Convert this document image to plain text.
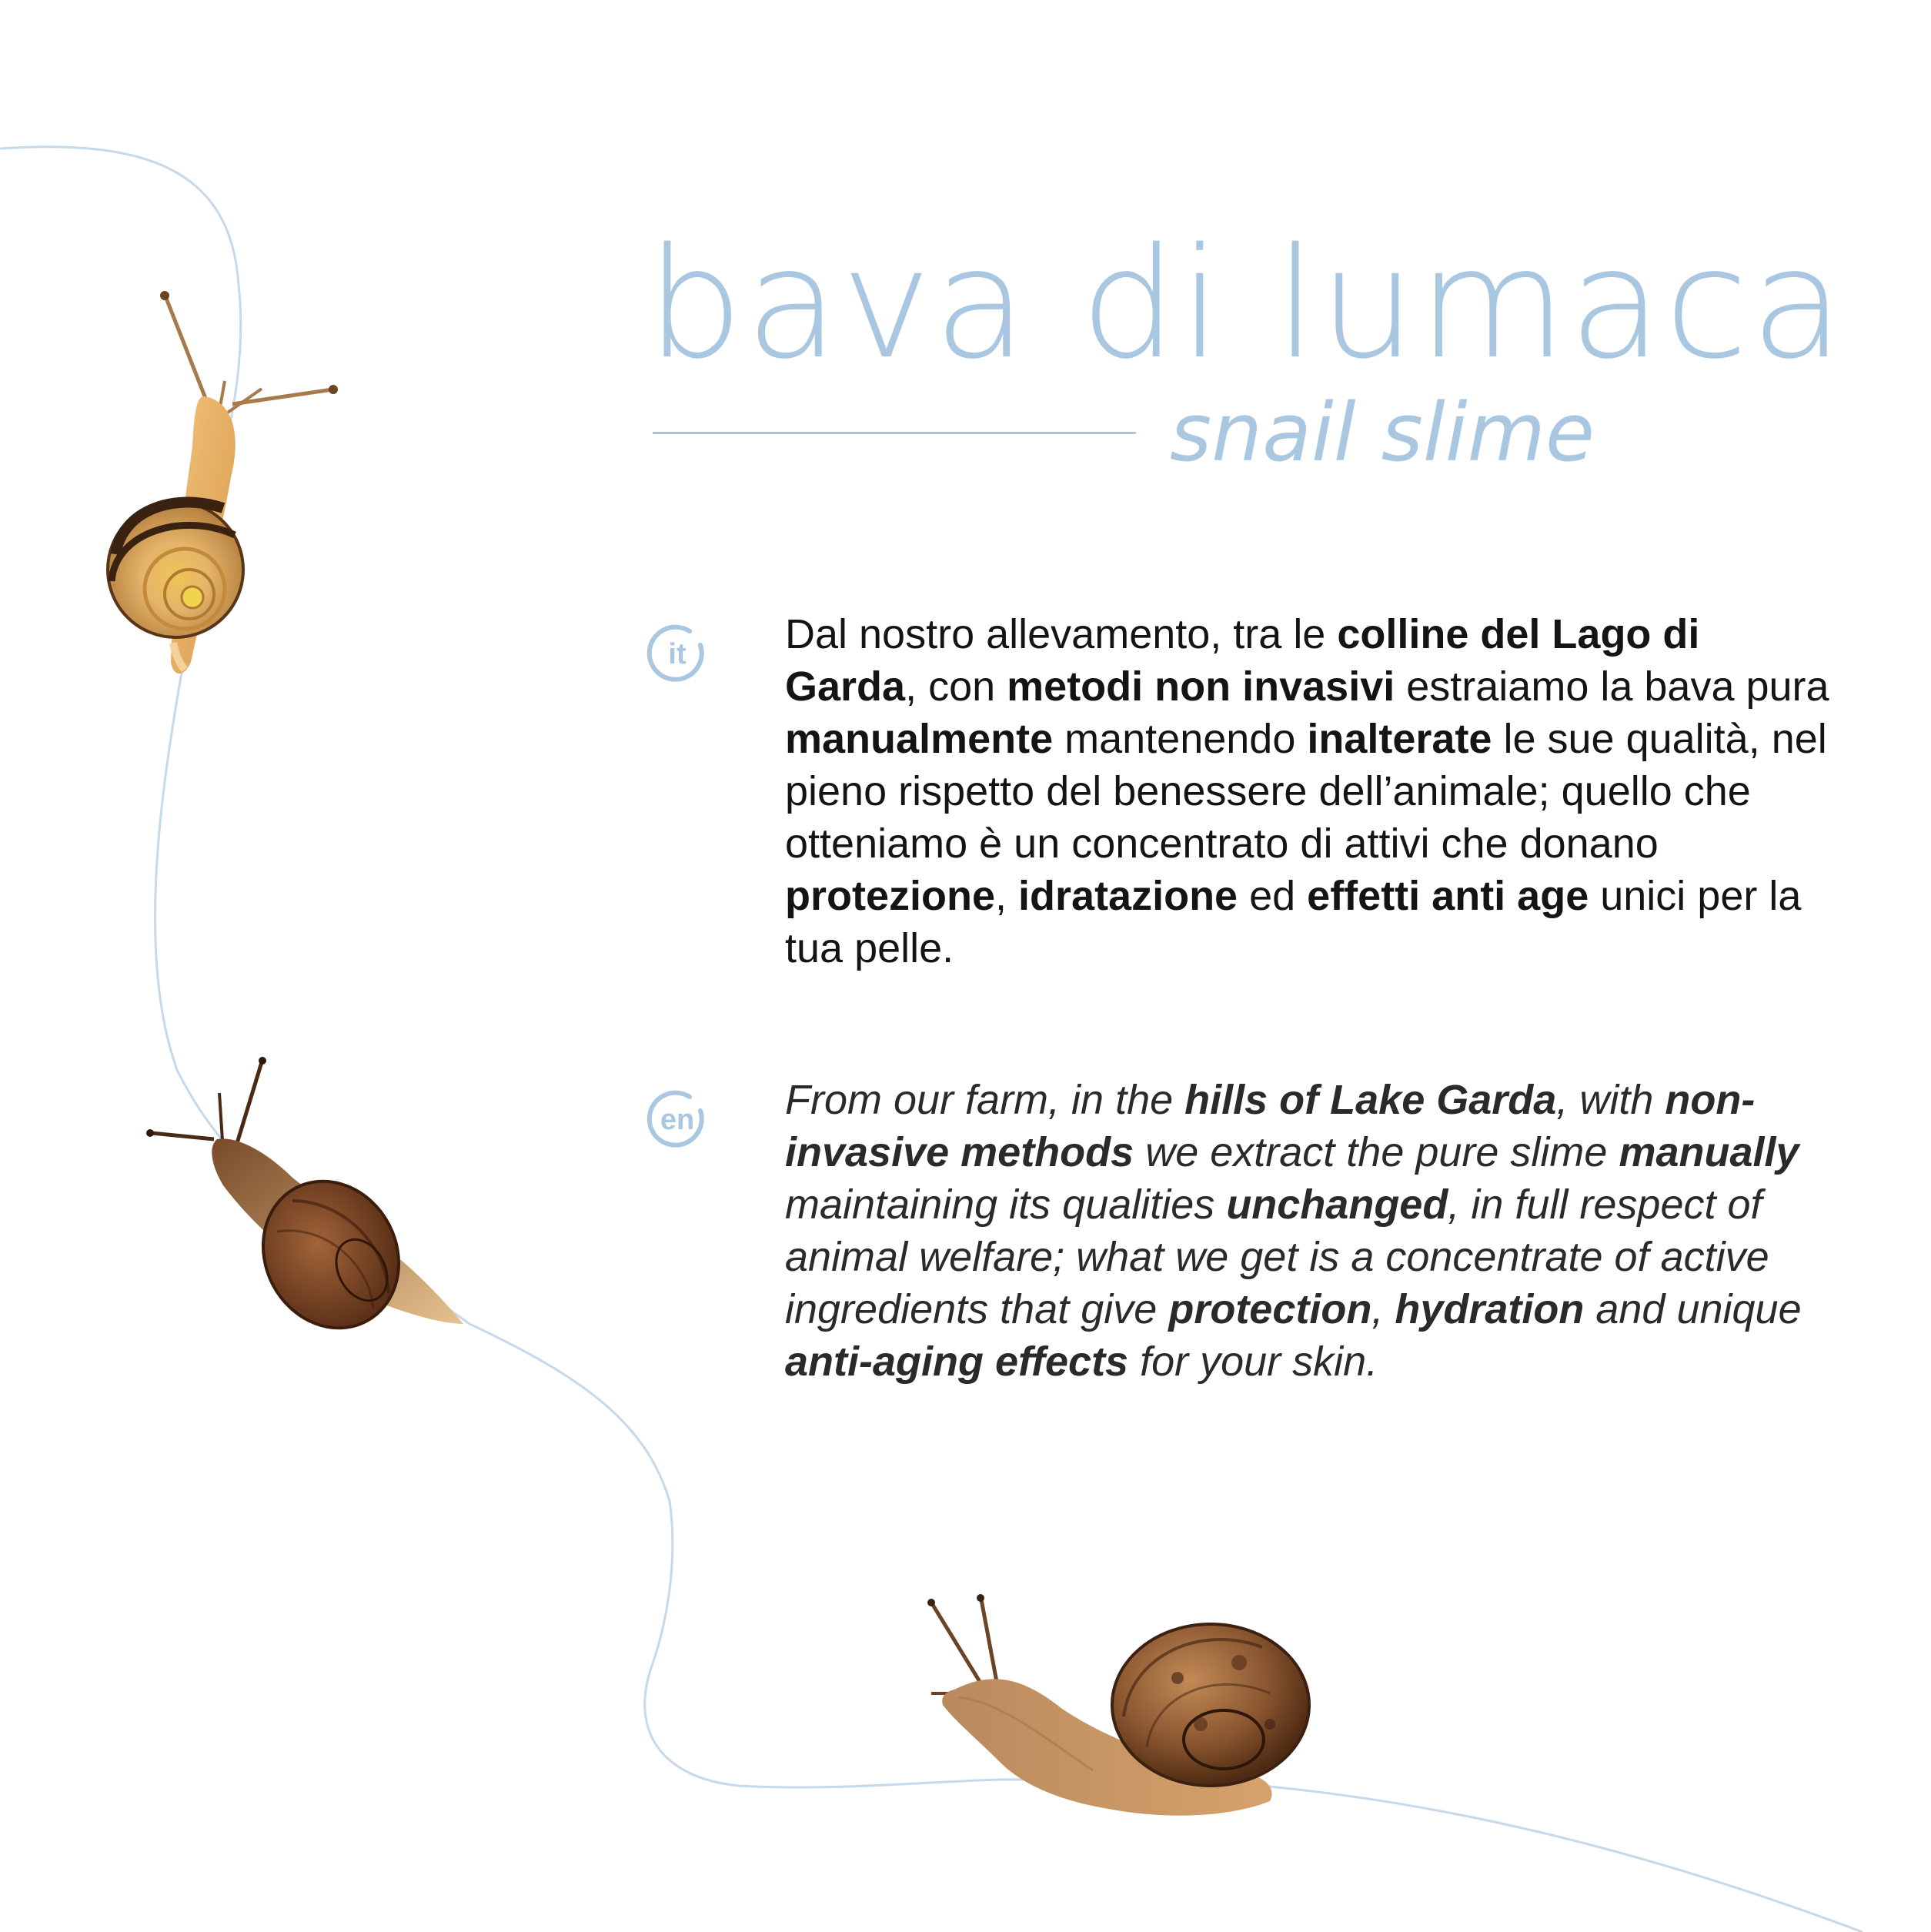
bava di lumaca
snail slime
it
en
Dal nostro allevamento, tra le colline del Lago di Garda, con metodi non invasivi estraiamo la bava pura manualmente mantenendo inalterate le sue qualità, nel pieno rispetto del benessere dell’animale; quello che otteniamo è un concentrato di attivi che donano protezione, idratazione ed effetti anti age unici per la tua pelle.
From our farm, in the hills of Lake Garda, with non-invasive methods we extract the pure slime manually maintaining its qualities unchanged, in full respect of animal welfare; what we get is a concentrate of active ingredients that give protection, hydration and unique anti-aging effects for your skin.
